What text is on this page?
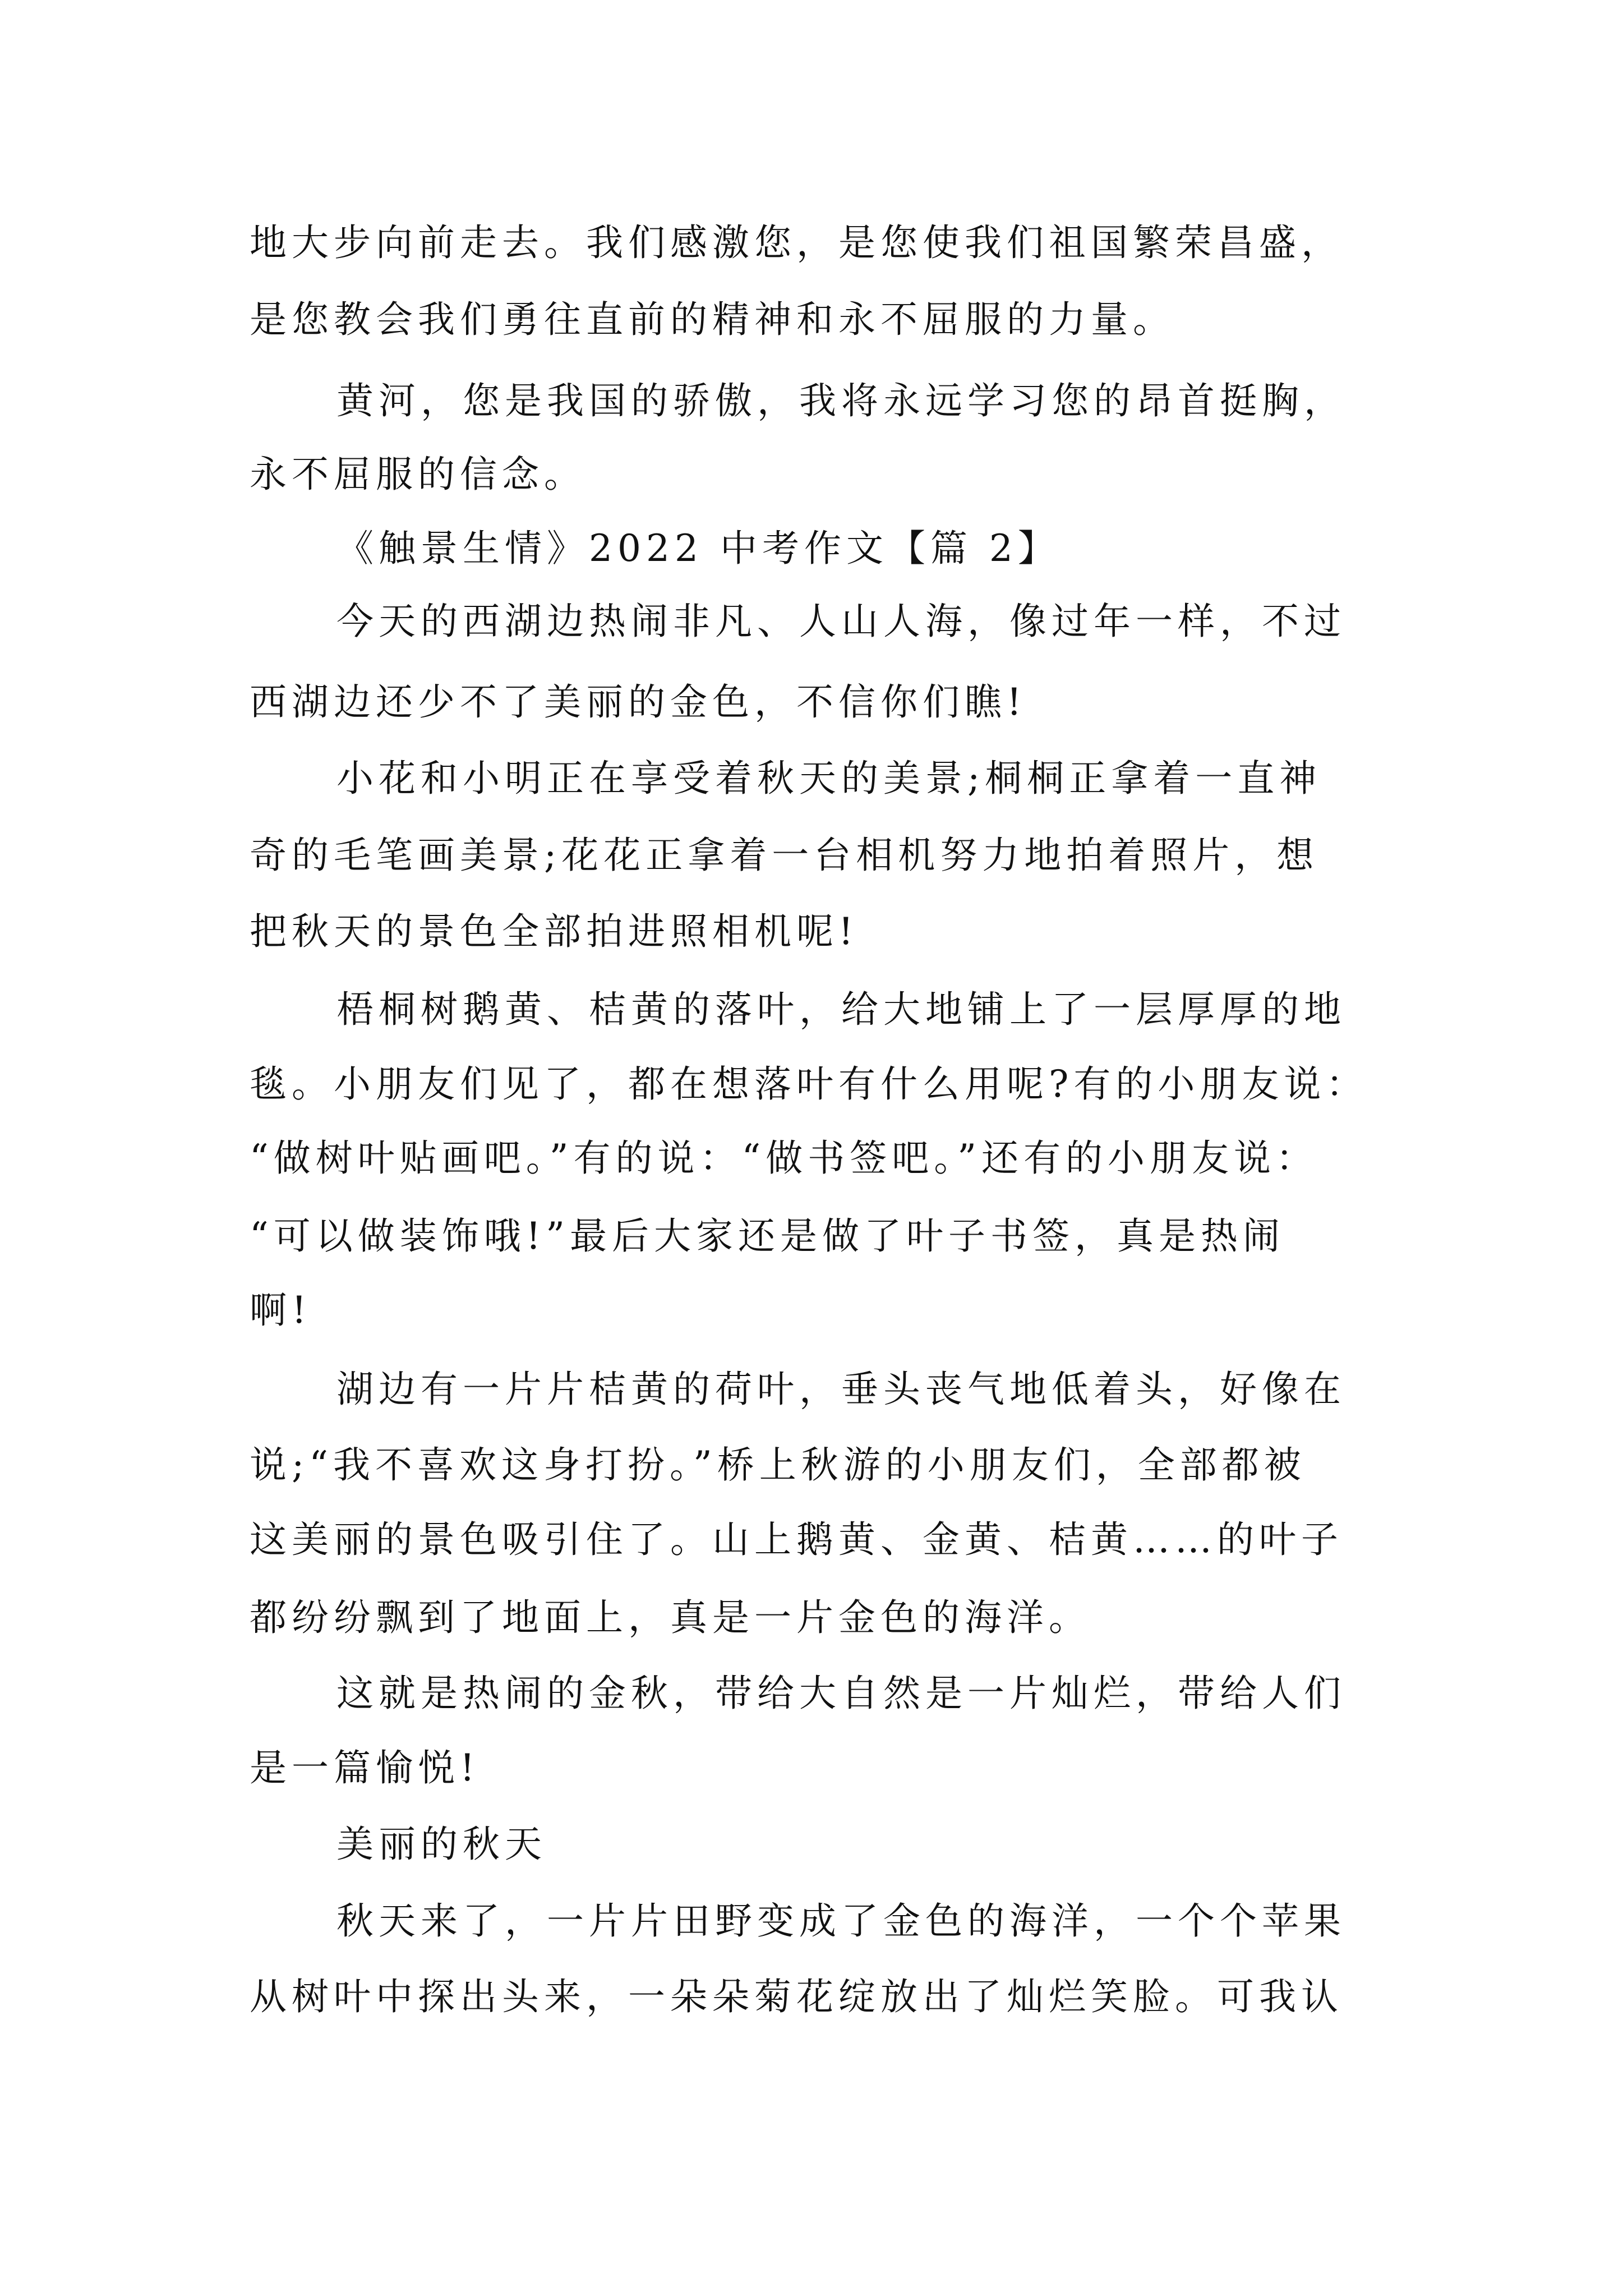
地大步向前走去。我们感激您，是您使我们祖国繁荣昌盛，
是您教会我们勇往直前的精神和永不屈服的力量。
黄河，您是我国的骄傲，我将永远学习您的昂首挺胸，
永不屈服的信念。
《触景生情》2022 中考作文【篇 2】
今天的西湖边热闹非凡、人山人海，像过年一样，不过
西湖边还少不了美丽的金色，不信你们瞧!
小花和小明正在享受着秋天的美景;桐桐正拿着一直神
奇的毛笔画美景;花花正拿着一台相机努力地拍着照片，想
把秋天的景色全部拍进照相机呢!
梧桐树鹅黄、桔黄的落叶，给大地铺上了一层厚厚的地
毯。小朋友们见了，都在想落叶有什么用呢?有的小朋友说：
“做树叶贴画吧。”有的说：“做书签吧。”还有的小朋友说：
“可以做装饰哦!”最后大家还是做了叶子书签，真是热闹
啊!
湖边有一片片桔黄的荷叶，垂头丧气地低着头，好像在
说;“我不喜欢这身打扮。”桥上秋游的小朋友们，全部都被
这美丽的景色吸引住了。山上鹅黄、金黄、桔黄……的叶子
都纷纷飘到了地面上，真是一片金色的海洋。
这就是热闹的金秋，带给大自然是一片灿烂，带给人们
是一篇愉悦!
美丽的秋天
秋天来了，一片片田野变成了金色的海洋，一个个苹果
从树叶中探出头来，一朵朵菊花绽放出了灿烂笑脸。可我认
